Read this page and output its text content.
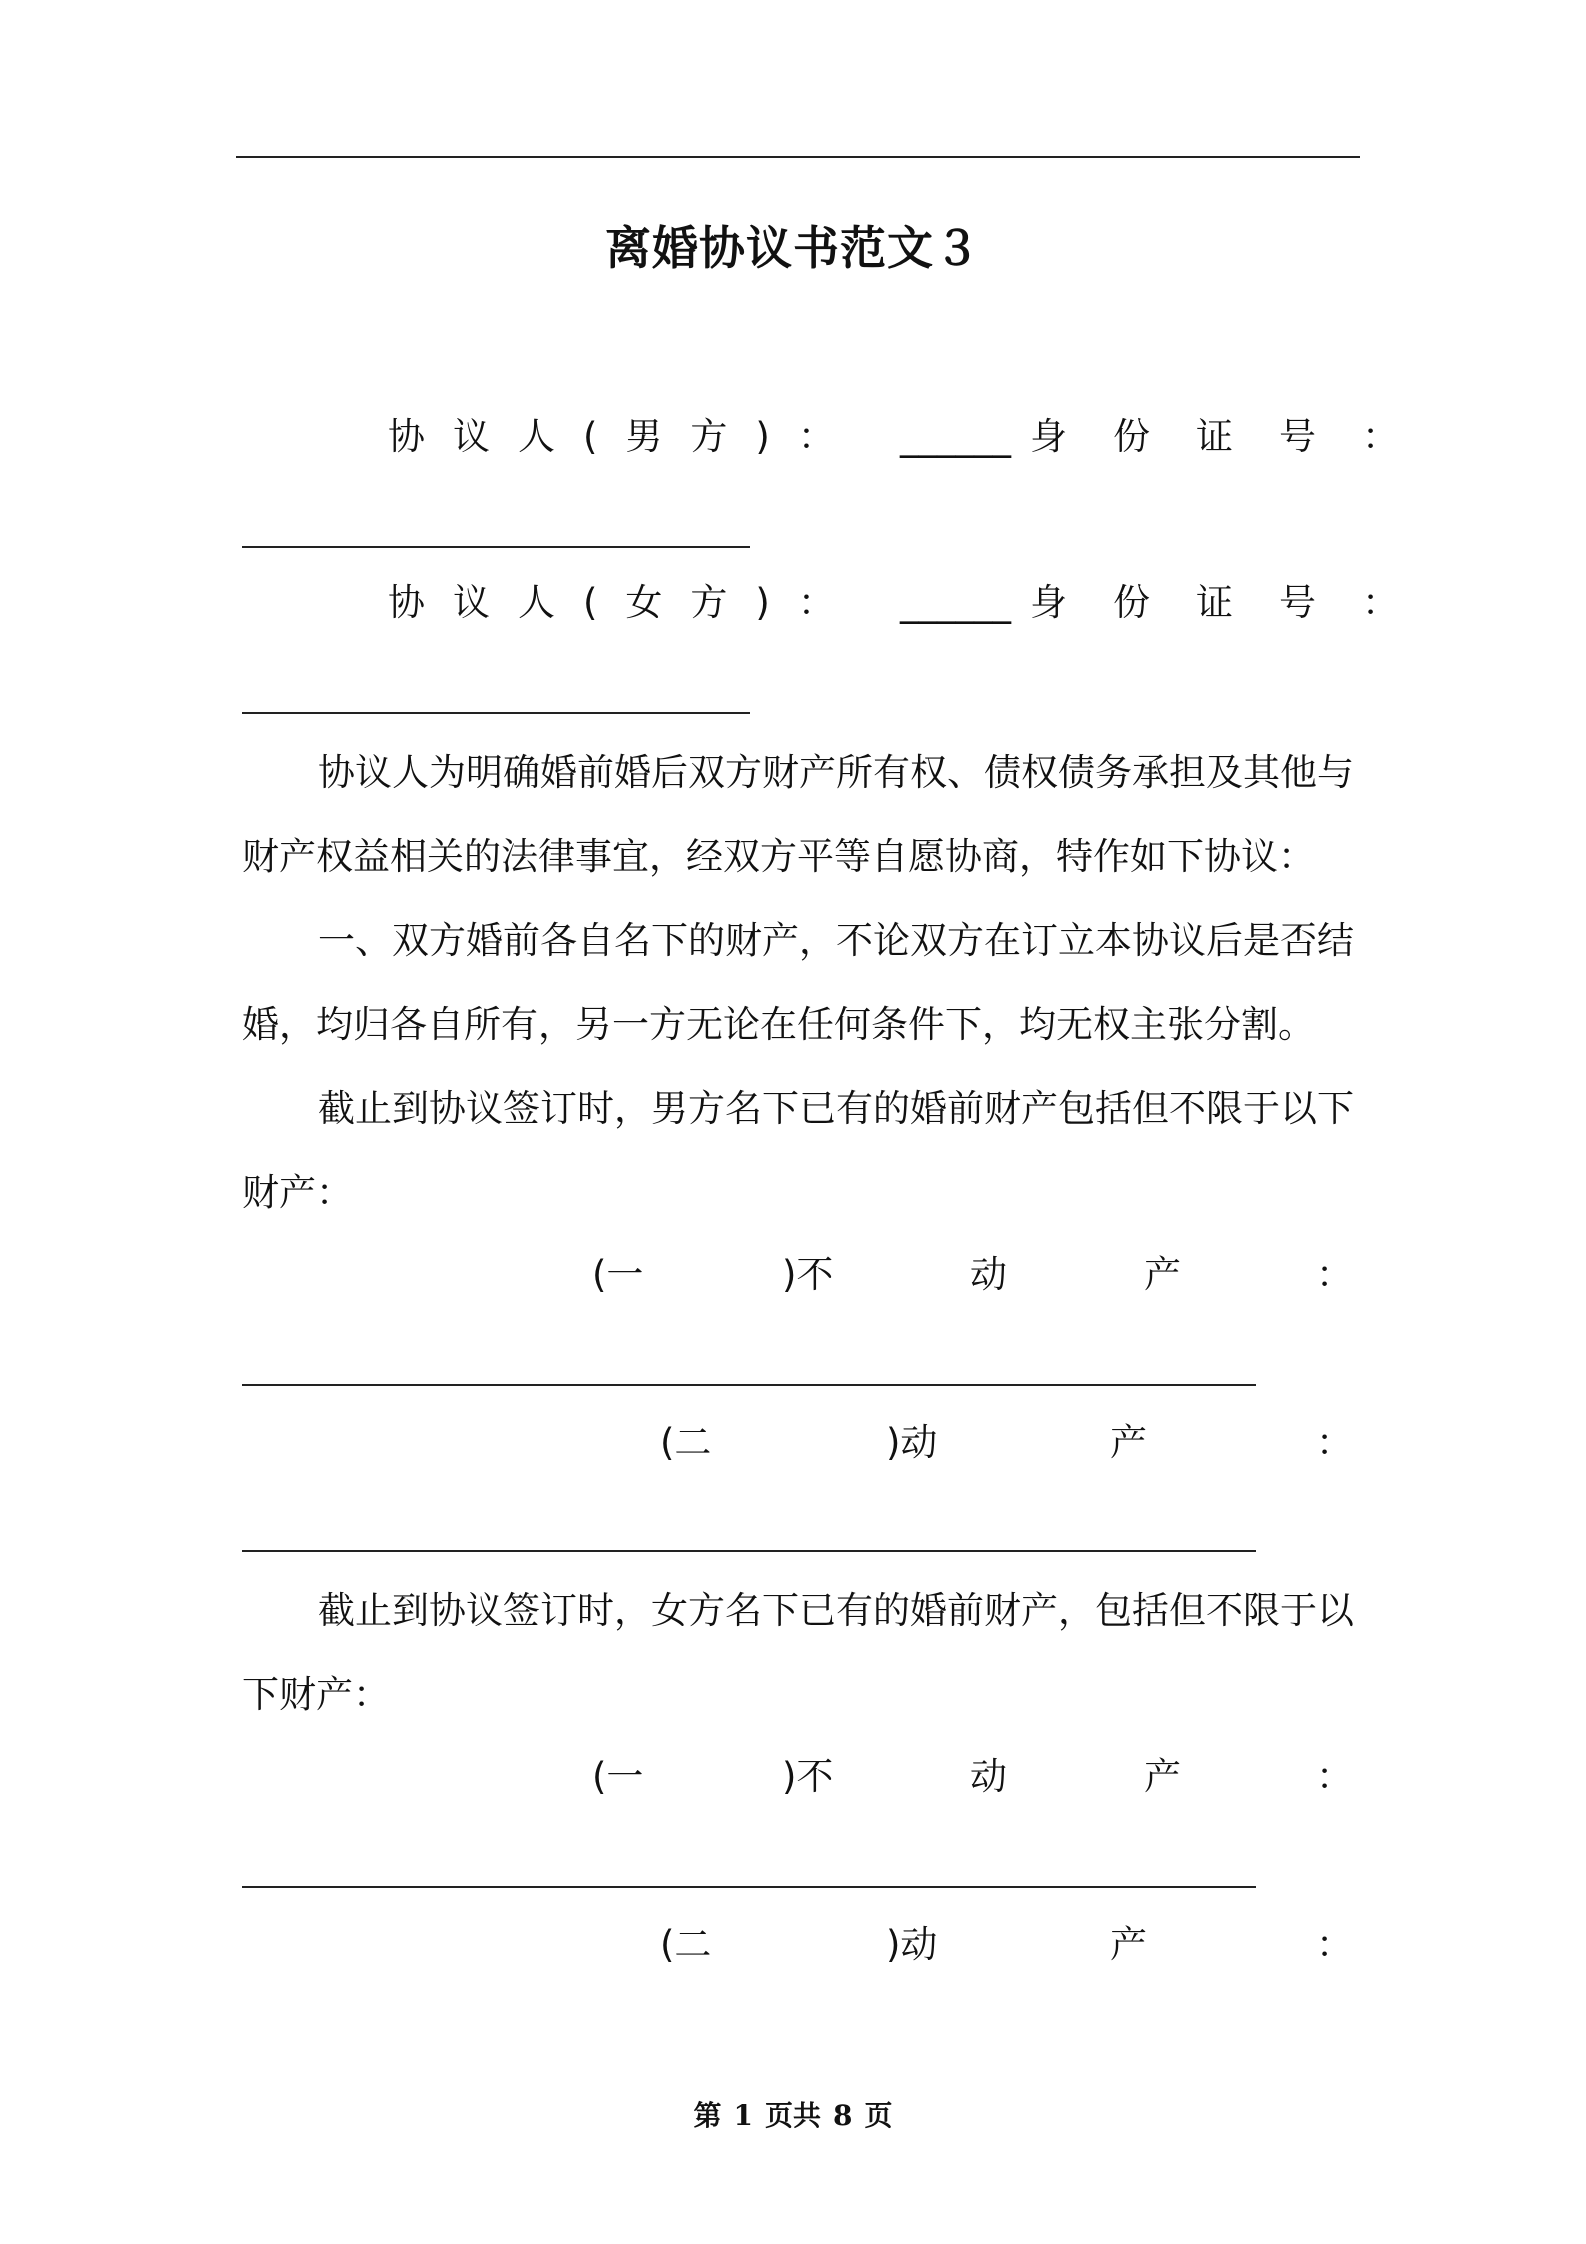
离婚协议书范文３
协议人(男方)： ______ 身份证号：
协议人(女方)： ______ 身份证号：
协议人为明确婚前婚后双方财产所有权、债权债务承担及其他与
财产权益相关的法律事宜，经双方平等自愿协商，特作如下协议：
一、双方婚前各自名下的财产，不论双方在订立本协议后是否结
婚，均归各自所有，另一方无论在任何条件下，均无权主张分割。
截止到协议签订时，男方名下已有的婚前财产包括但不限于以下
财产：
(一	)不	动	产	：
(二	)动	产	：
截止到协议签订时，女方名下已有的婚前财产，包括但不限于以
下财产：
(一	)不	动	产	：
(二	)动	产	：
第 1 页共 8 页
